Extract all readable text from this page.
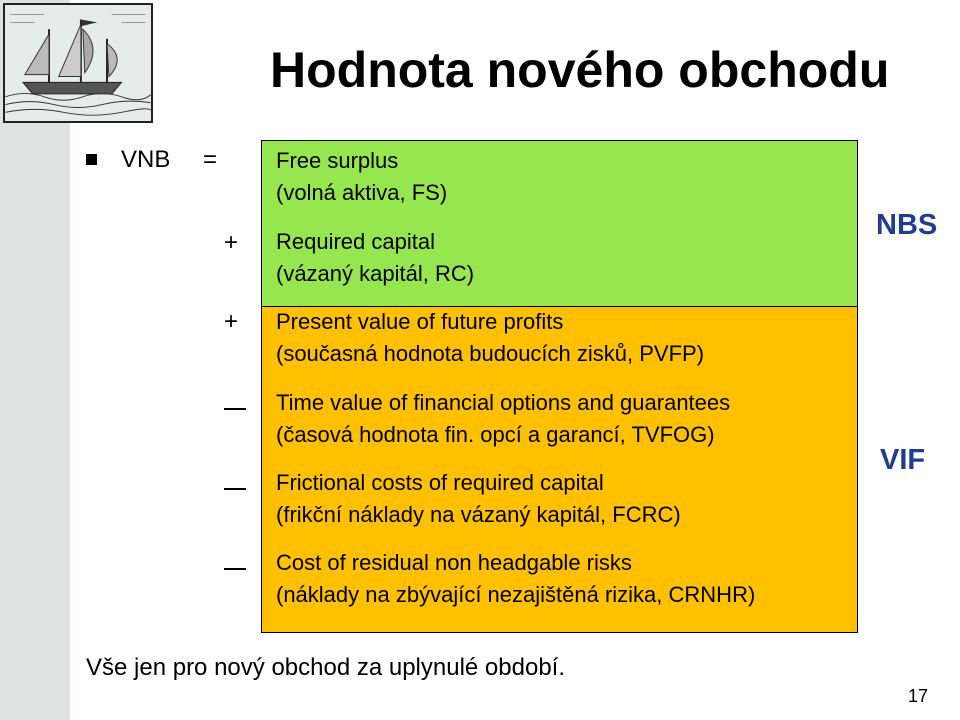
Hodnota nového obchodu
VNB =	Free surplus
(volná aktiva, FS)
+ Required capital
(vázaný kapitál, RC)
+ Present value of future profits
(současná hodnota budoucích zisků, PVFP)
Time value of financial options and guarantees
(časová hodnota fin. opcí a garancí, TVFOG)
Frictional costs of required capital
(frikční náklady na vázaný kapitál, FCRC)
Cost of residual non headgable risks
(náklady na zbývající nezajištěná rizika, CRNHR)
NBS
VIF
Vše jen pro nový obchod za uplynulé období.
17
